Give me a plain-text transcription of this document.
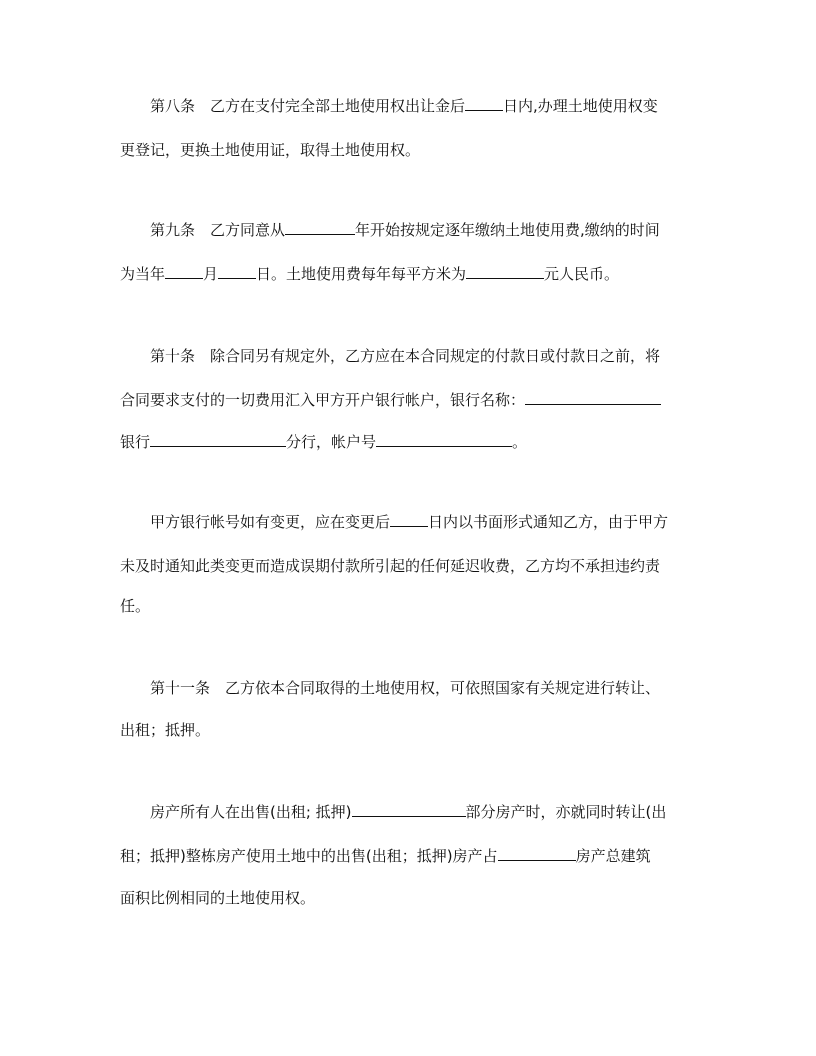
第八条　乙方在支付完全部土地使用权出让金后	日内,办理土地使用权变
更登记，更换土地使用证，取得土地使用权。
第九条　乙方同意从	年开始按规定逐年缴纳土地使用费,缴纳的时间
为当年	月	日。土地使用费每年每平方米为	元人民币。
第十条　除合同另有规定外，乙方应在本合同规定的付款日或付款日之前，将
合同要求支付的一切费用汇入甲方开户银行帐户，银行名称：
银行	分行，帐户号	。
甲方银行帐号如有变更，应在变更后	日内以书面形式通知乙方，由于甲方
未及时通知此类变更而造成误期付款所引起的任何延迟收费，乙方均不承担违约责
任。
第十一条　乙方依本合同取得的土地使用权，可依照国家有关规定进行转让、
出租；抵押。
房产所有人在出售(出租; 抵押)	部分房产时，亦就同时转让(出
租；抵押)整栋房产使用土地中的出售(出租；抵押)房产占	房产总建筑
面积比例相同的土地使用权。
